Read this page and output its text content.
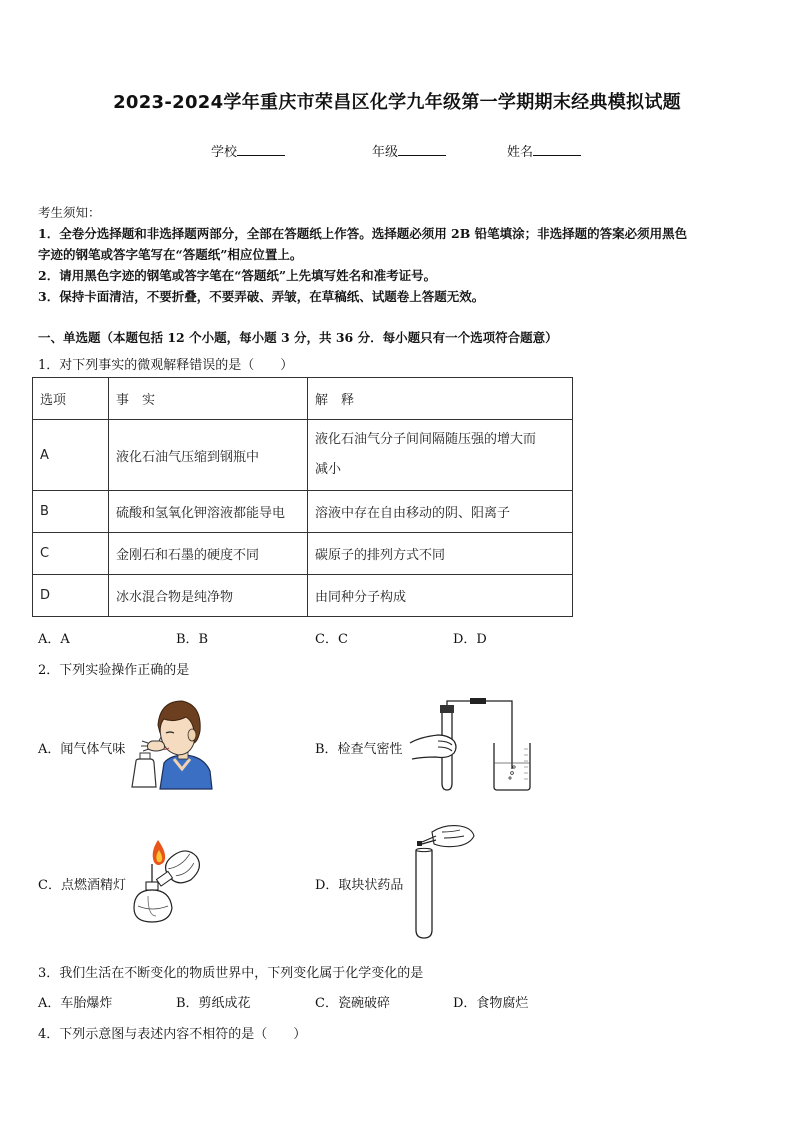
2023-2024学年重庆市荣昌区化学九年级第一学期期末经典模拟试题
学校	年级	姓名
考生须知：
1．全卷分选择题和非选择题两部分，全部在答题纸上作答。选择题必须用 2B 铅笔填涂；非选择题的答案必须用黑色
字迹的钢笔或答字笔写在“答题纸”相应位置上。
2．请用黑色字迹的钢笔或答字笔在“答题纸”上先填写姓名和准考证号。
3．保持卡面清洁，不要折叠，不要弄破、弄皱，在草稿纸、试题卷上答题无效。
一、单选题（本题包括 12 个小题，每小题 3 分，共 36 分．每小题只有一个选项符合题意）
1．对下列事实的微观解释错误的是（　　）
选项	事　实	解　释
A	液化石油气压缩到钢瓶中	液化石油气分子间间隔随压强的增大而
减小

B	硫酸和氢氧化钾溶液都能导电	溶液中存在自由移动的阴、阳离子
C	金刚石和石墨的硬度不同	碳原子的排列方式不同
D	冰水混合物是纯净物	由同种分子构成
A．A	B．B	C．C	D．D
2．下列实验操作正确的是
A．闻气体气味	B．检查气密性
C．点燃酒精灯	D．取块状药品
3．我们生活在不断变化的物质世界中，下列变化属于化学变化的是
A．车胎爆炸	B．剪纸成花	C．瓷碗破碎	D．食物腐烂
4．下列示意图与表述内容不相符的是（　　）
